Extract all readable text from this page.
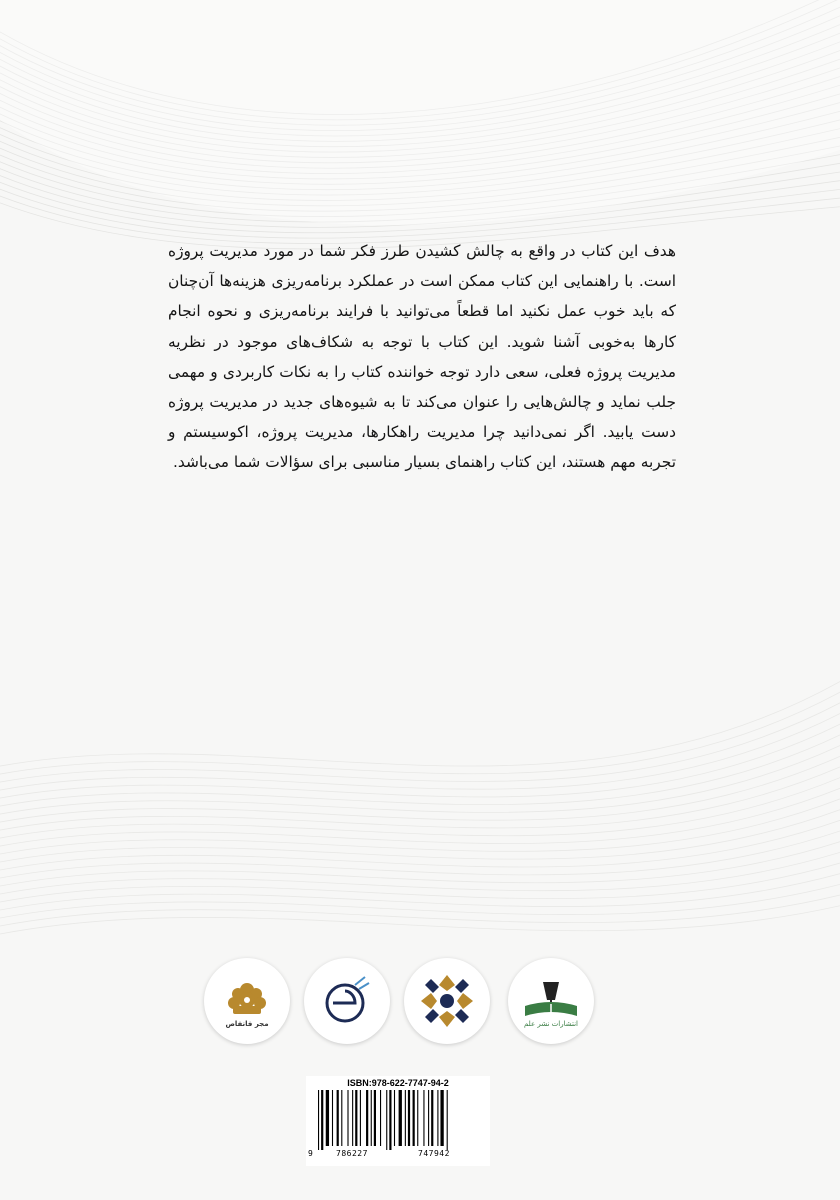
هدف این کتاب در واقع به چالش کشیدن طرز فکر شما در مورد مدیریت پروژه است. با راهنمایی این کتاب ممکن است در عملکرد برنامه‌ریزی هزینه‌ها آن‌چنان که باید خوب عمل نکنید اما قطعاً می‌توانید با فرایند برنامه‌ریزی و نحوه انجام کارها به‌خوبی آشنا شوید. این کتاب با توجه به شکاف‌های موجود در نظریه مدیریت پروژه فعلی، سعی دارد توجه خواننده کتاب را به نکات کاربردی و مهمی جلب نماید و چالش‌هایی را عنوان می‌کند تا به شیوه‌های جدید در مدیریت پروژه دست یابید. اگر نمی‌دانید چرا مدیریت راهکارها، مدیریت پروژه، اکوسیستم و تجربه مهم هستند، این کتاب راهنمای بسیار مناسبی برای سؤالات شما می‌باشد.

مجر فانفاص	انتشارات نشر علم
ISBN:978-622-7747-94-2
9	786227	747942
